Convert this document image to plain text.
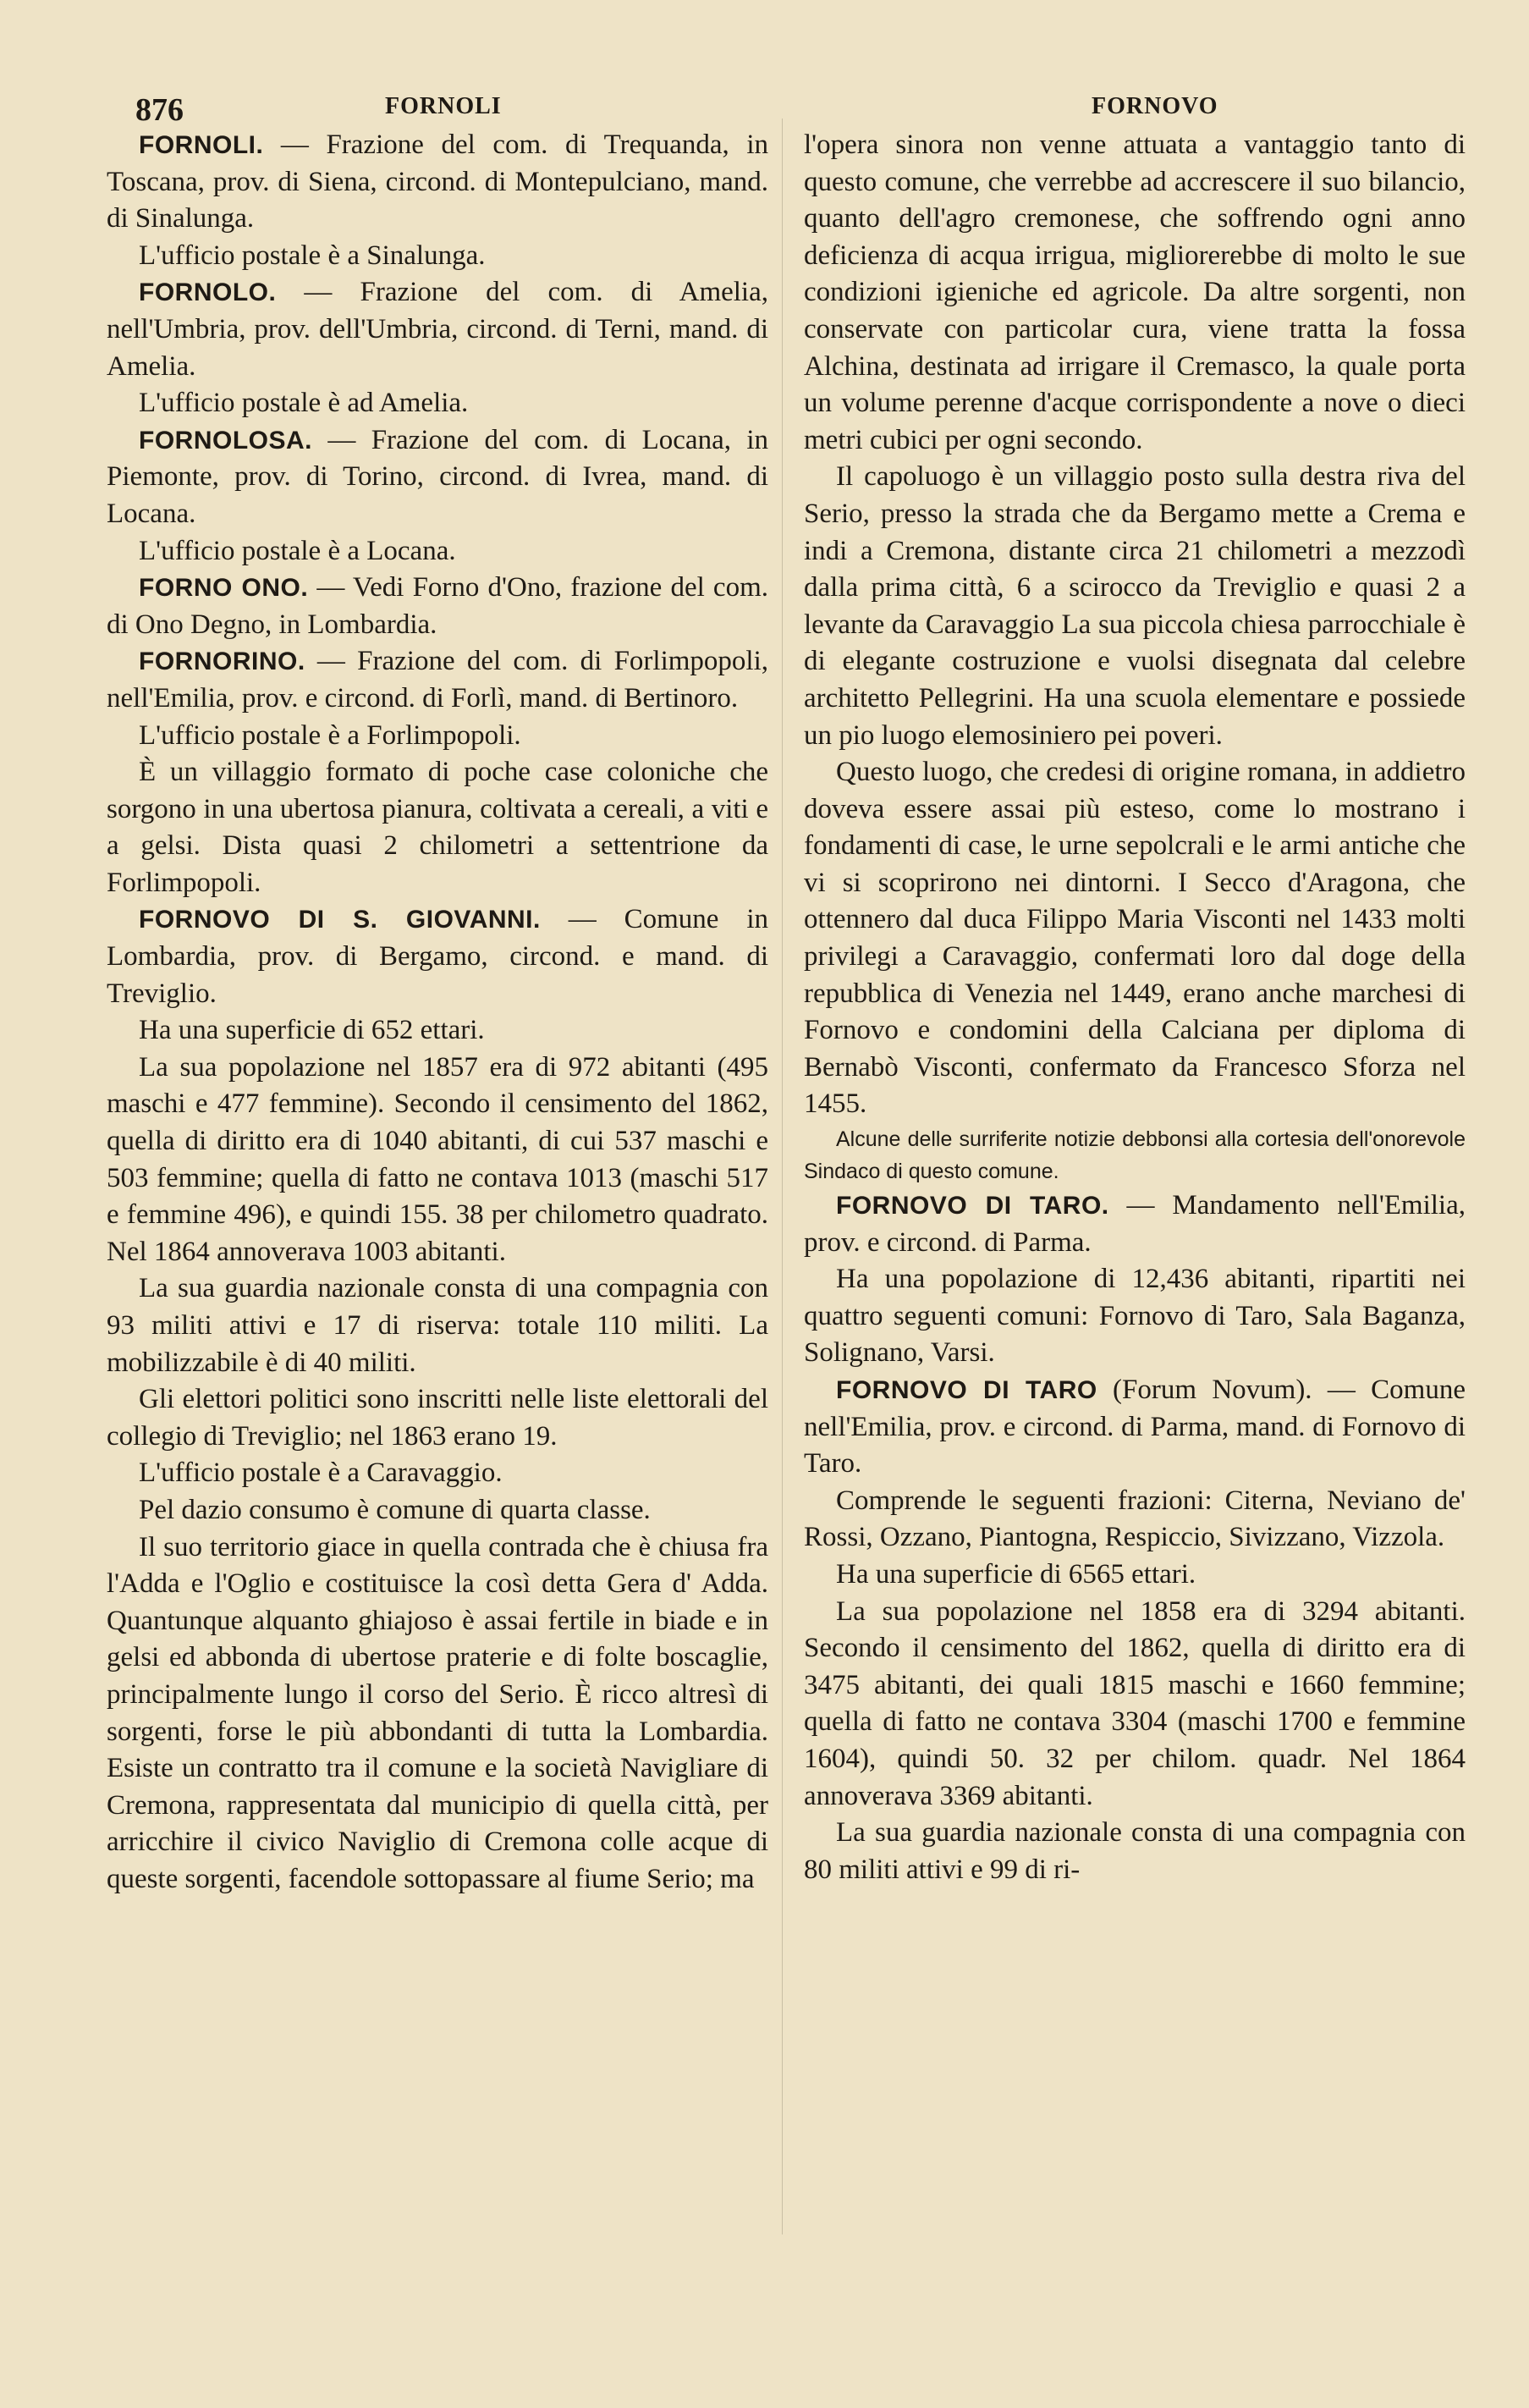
876	FORNOLI	FORNOVO

FORNOLI. — Frazione del com. di Trequanda, in Toscana, prov. di Siena, circond. di Montepulciano, mand. di Sinalunga.

L'ufficio postale è a Sinalunga.

FORNOLO. — Frazione del com. di Amelia, nell'Umbria, prov. dell'Umbria, circond. di Terni, mand. di Amelia.

L'ufficio postale è ad Amelia.

FORNOLOSA. — Frazione del com. di Locana, in Piemonte, prov. di Torino, circond. di Ivrea, mand. di Locana.

L'ufficio postale è a Locana.

FORNO ONO. — Vedi Forno d'Ono, frazione del com. di Ono Degno, in Lombardia.

FORNORINO. — Frazione del com. di Forlimpopoli, nell'Emilia, prov. e circond. di Forlì, mand. di Bertinoro.

L'ufficio postale è a Forlimpopoli.

È un villaggio formato di poche case coloniche che sorgono in una ubertosa pianura, coltivata a cereali, a viti e a gelsi. Dista quasi 2 chilometri a settentrione da Forlimpopoli.

FORNOVO DI S. GIOVANNI. — Comune in Lombardia, prov. di Bergamo, circond. e mand. di Treviglio.

Ha una superficie di 652 ettari.

La sua popolazione nel 1857 era di 972 abitanti (495 maschi e 477 femmine). Secondo il censimento del 1862, quella di diritto era di 1040 abitanti, di cui 537 maschi e 503 femmine; quella di fatto ne contava 1013 (maschi 517 e femmine 496), e quindi 155. 38 per chilometro quadrato. Nel 1864 annoverava 1003 abitanti.

La sua guardia nazionale consta di una compagnia con 93 militi attivi e 17 di riserva: totale 110 militi. La mobilizzabile è di 40 militi.

Gli elettori politici sono inscritti nelle liste elettorali del collegio di Treviglio; nel 1863 erano 19.

L'ufficio postale è a Caravaggio.

Pel dazio consumo è comune di quarta classe.

Il suo territorio giace in quella contrada che è chiusa fra l'Adda e l'Oglio e costituisce la così detta Gera d' Adda. Quantunque alquanto ghiajoso è assai fertile in biade e in gelsi ed abbonda di ubertose praterie e di folte boscaglie, principalmente lungo il corso del Serio. È ricco altresì di sorgenti, forse le più abbondanti di tutta la Lombardia. Esiste un contratto tra il comune e la società Navigliare di Cremona, rappresentata dal municipio di quella città, per arricchire il civico Naviglio di Cremona colle acque di queste sorgenti, facendole sottopassare al fiume Serio; ma

l'opera sinora non venne attuata a vantaggio tanto di questo comune, che verrebbe ad accrescere il suo bilancio, quanto dell'agro cremonese, che soffrendo ogni anno deficienza di acqua irrigua, migliorerebbe di molto le sue condizioni igieniche ed agricole. Da altre sorgenti, non conservate con particolar cura, viene tratta la fossa Alchina, destinata ad irrigare il Cremasco, la quale porta un volume perenne d'acque corrispondente a nove o dieci metri cubici per ogni secondo.

Il capoluogo è un villaggio posto sulla destra riva del Serio, presso la strada che da Bergamo mette a Crema e indi a Cremona, distante circa 21 chilometri a mezzodì dalla prima città, 6 a scirocco da Treviglio e quasi 2 a levante da Caravaggio La sua piccola chiesa parrocchiale è di elegante costruzione e vuolsi disegnata dal celebre architetto Pellegrini. Ha una scuola elementare e possiede un pio luogo elemosiniero pei poveri.

Questo luogo, che credesi di origine romana, in addietro doveva essere assai più esteso, come lo mostrano i fondamenti di case, le urne sepolcrali e le armi antiche che vi si scoprirono nei dintorni. I Secco d'Aragona, che ottennero dal duca Filippo Maria Visconti nel 1433 molti privilegi a Caravaggio, confermati loro dal doge della repubblica di Venezia nel 1449, erano anche marchesi di Fornovo e condomini della Calciana per diploma di Bernabò Visconti, confermato da Francesco Sforza nel 1455.

Alcune delle surriferite notizie debbonsi alla cortesia dell'onorevole Sindaco di questo comune.

FORNOVO DI TARO. — Mandamento nell'Emilia, prov. e circond. di Parma.

Ha una popolazione di 12,436 abitanti, ripartiti nei quattro seguenti comuni: Fornovo di Taro, Sala Baganza, Solignano, Varsi.

FORNOVO DI TARO (Forum Novum). — Comune nell'Emilia, prov. e circond. di Parma, mand. di Fornovo di Taro.

Comprende le seguenti frazioni: Citerna, Neviano de' Rossi, Ozzano, Piantogna, Respiccio, Sivizzano, Vizzola.

Ha una superficie di 6565 ettari.

La sua popolazione nel 1858 era di 3294 abitanti. Secondo il censimento del 1862, quella di diritto era di 3475 abitanti, dei quali 1815 maschi e 1660 femmine; quella di fatto ne contava 3304 (maschi 1700 e femmine 1604), quindi 50. 32 per chilom. quadr. Nel 1864 annoverava 3369 abitanti.

La sua guardia nazionale consta di una compagnia con 80 militi attivi e 99 di ri-
